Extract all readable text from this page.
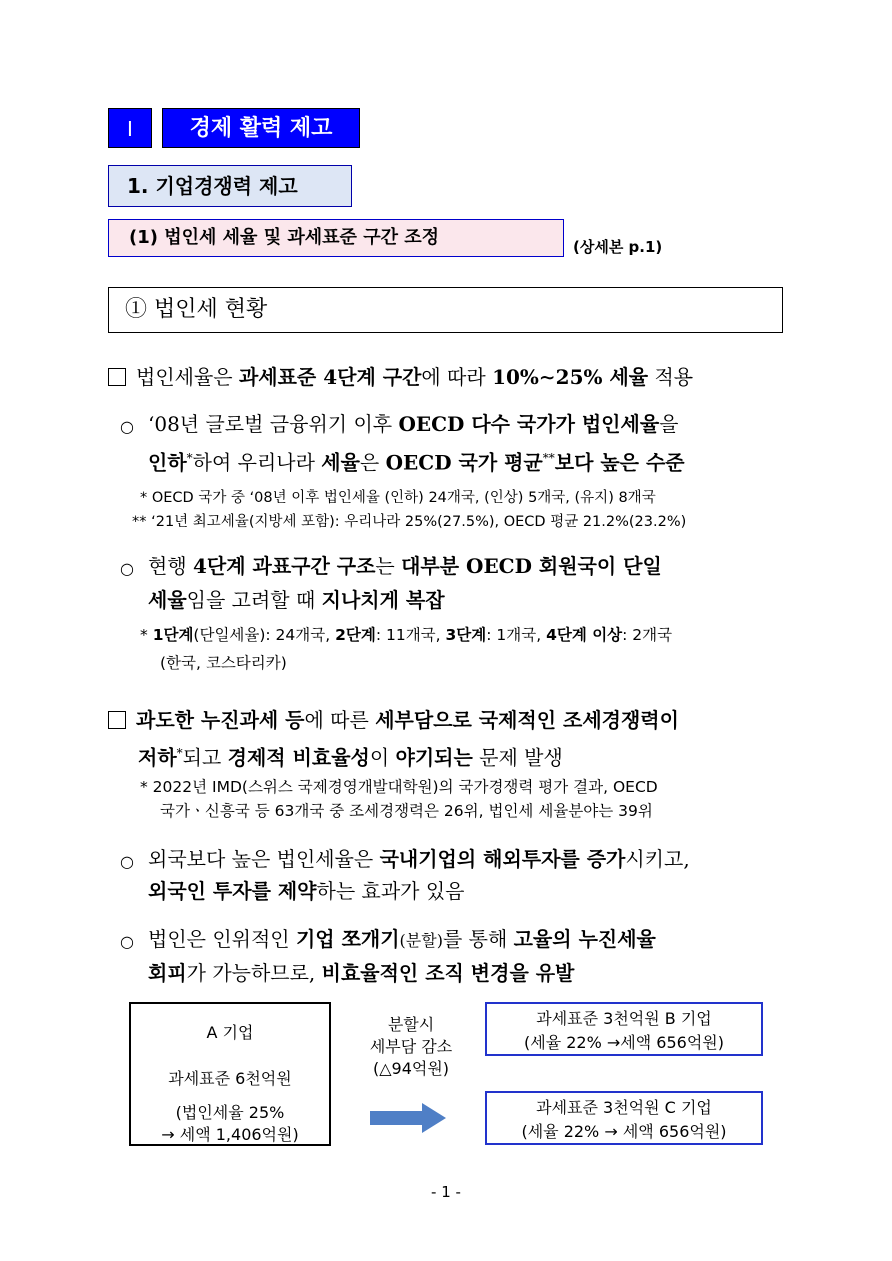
Ⅰ	경제 활력 제고
1. 기업경쟁력 제고
(1) 법인세 세율 및 과세표준 구간 조정	(상세본 p.1)
① 법인세 현황
법인세율은 과세표준 4단계 구간에 따라 10%∼25% 세율 적용
○ ‘08년 글로벌 금융위기 이후 OECD 다수 국가가 법인세율을
인하*하여 우리나라 세율은 OECD 국가 평균**보다 높은 수준
* OECD 국가 중 ‘08년 이후 법인세율 (인하) 24개국, (인상) 5개국, (유지) 8개국
** ‘21년 최고세율(지방세 포함): 우리나라 25%(27.5%), OECD 평균 21.2%(23.2%)
○ 현행 4단계 과표구간 구조는 대부분 OECD 회원국이 단일
세율임을 고려할 때 지나치게 복잡
* 1단계(단일세율): 24개국, 2단계: 11개국, 3단계: 1개국, 4단계 이상: 2개국
(한국, 코스타리카)
과도한 누진과세 등에 따른 세부담으로 국제적인 조세경쟁력이
저하*되고 경제적 비효율성이 야기되는 문제 발생
* 2022년 IMD(스위스 국제경영개발대학원)의 국가경쟁력 평가 결과, OECD
국가ㆍ신흥국 등 63개국 중 조세경쟁력은 26위, 법인세 세율분야는 39위
○ 외국보다 높은 법인세율은 국내기업의 해외투자를 증가시키고,
외국인 투자를 제약하는 효과가 있음
○ 법인은 인위적인 기업 쪼개기(분할)를 통해 고율의 누진세율
회피가 가능하므로, 비효율적인 조직 변경을 유발
A 기업
과세표준 6천억원
(법인세율 25%
→ 세액 1,406억원)
분할시
세부담 감소
(△94억원)
과세표준 3천억원 B 기업
(세율 22% →세액 656억원)
과세표준 3천억원 C 기업
(세율 22% → 세액 656억원)
- 1 -
